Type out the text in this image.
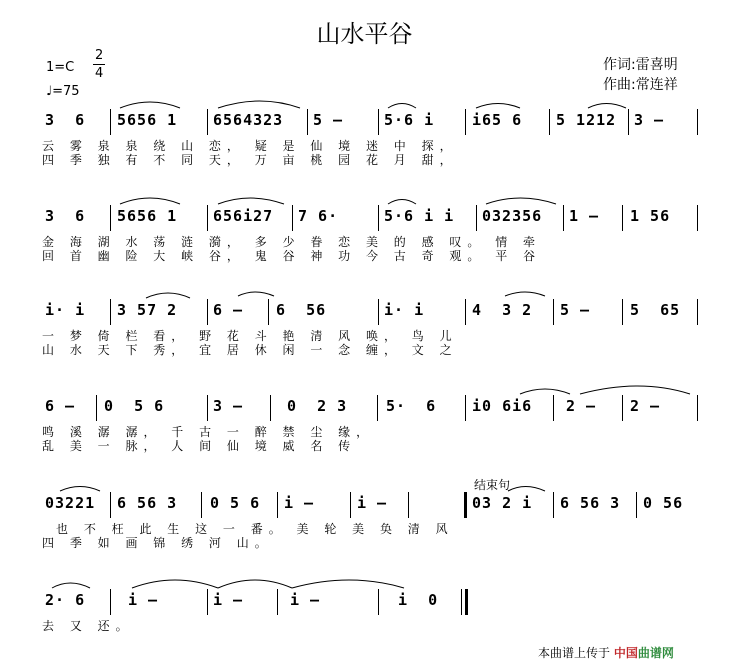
山水平谷
1=C
2
4
♩=75
作词:雷喜明
作曲:常连祥
结束句
3  6 5656 1 6564323 5 –	5·6 i	i65 6 5 1212 3 –
云 雾 泉 泉 绕 山 恋， 疑 是 仙 境 迷 中 探，
四 季 独 有 不 同 天， 万 亩 桃 园 花 月 甜，
3  6 5656 1 656i27 7 6·	5·6 i i 032356 1 – 1 56
金 海 湖 水 荡 涟 漪， 多 少 眷 恋 美 的 感 叹。 情 牵
回 首 幽 险 大 峡 谷， 鬼 谷 神 功 今 古 奇 观。 平 谷
i· i 3 57 2 6 – 6  56	i· i	4  3 2 5 –	5  65
一 梦 倚 栏 看， 野 花 斗 艳 清 风 唤， 鸟 儿
山 水 天 下 秀， 宜 居 休 闲 一 念 缠， 文 之
6 – 0  5 6	3 –	0  2 3	5·  6 i0 6i6 2 – 2 –
鸣 溪 潺 潺， 千 古 一 醉 禁 尘 缘，
乱 美 一 脉， 人 间 仙 境 威 名 传
03221 6 56 3 0 5 6 i –	i –	03 2 i 6 56 3 0 56
也 不 枉 此 生 这 一 番。 美 轮 美 奂 清 风
四 季 如 画 锦 绣 河 山。
2· 6	i –	i –	i –	i  0
去 又 还。
本曲谱上传于 中国曲谱网
